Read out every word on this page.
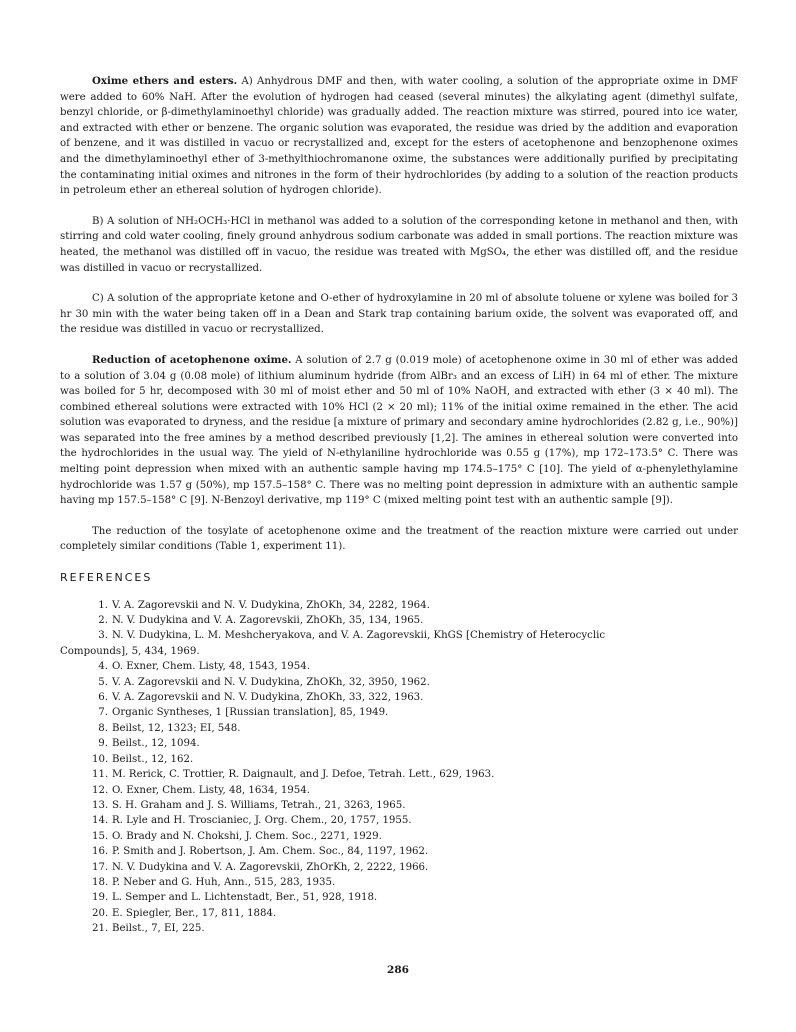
Oxime ethers and esters. A) Anhydrous DMF and then, with water cooling, a solution of the appropriate oxime in DMF were added to 60% NaH. After the evolution of hydrogen had ceased (several minutes) the alkylating agent (dimethyl sulfate, benzyl chloride, or β-dimethylaminoethyl chloride) was gradually added. The reaction mixture was stirred, poured into ice water, and extracted with ether or benzene. The organic solution was evaporated, the residue was dried by the addition and evaporation of benzene, and it was distilled in vacuo or recrystallized and, except for the esters of acetophenone and benzophenone oximes and the dimethylaminoethyl ether of 3-methylthiochromanone oxime, the substances were additionally purified by precipitating the contaminating initial oximes and nitrones in the form of their hydrochlorides (by adding to a solution of the reaction products in petroleum ether an ethereal solution of hydrogen chloride).

B) A solution of NH₂OCH₃·HCl in methanol was added to a solution of the corresponding ketone in methanol and then, with stirring and cold water cooling, finely ground anhydrous sodium carbonate was added in small portions. The reaction mixture was heated, the methanol was distilled off in vacuo, the residue was treated with MgSO₄, the ether was distilled off, and the residue was distilled in vacuo or recrystallized.

C) A solution of the appropriate ketone and O-ether of hydroxylamine in 20 ml of absolute toluene or xylene was boiled for 3 hr 30 min with the water being taken off in a Dean and Stark trap containing barium oxide, the solvent was evaporated off, and the residue was distilled in vacuo or recrystallized.

Reduction of acetophenone oxime. A solution of 2.7 g (0.019 mole) of acetophenone oxime in 30 ml of ether was added to a solution of 3.04 g (0.08 mole) of lithium aluminum hydride (from AlBr₃ and an excess of LiH) in 64 ml of ether. The mixture was boiled for 5 hr, decomposed with 30 ml of moist ether and 50 ml of 10% NaOH, and extracted with ether (3 × 40 ml). The combined ethereal solutions were extracted with 10% HCl (2 × 20 ml); 11% of the initial oxime remained in the ether. The acid solution was evaporated to dryness, and the residue [a mixture of primary and secondary amine hydrochlorides (2.82 g, i.e., 90%)] was separated into the free amines by a method described previously [1,2]. The amines in ethereal solution were converted into the hydrochlorides in the usual way. The yield of N-ethylaniline hydrochloride was 0.55 g (17%), mp 172–173.5° C. There was melting point depression when mixed with an authentic sample having mp 174.5–175° C [10]. The yield of α-phenylethylamine hydrochloride was 1.57 g (50%), mp 157.5–158° C. There was no melting point depression in admixture with an authentic sample having mp 157.5–158° C [9]. N-Benzoyl derivative, mp 119° C (mixed melting point test with an authentic sample [9]).

The reduction of the tosylate of acetophenone oxime and the treatment of the reaction mixture were carried out under completely similar conditions (Table 1, experiment 11).

REFERENCES
1. V. A. Zagorevskii and N. V. Dudykina, ZhOKh, 34, 2282, 1964.
2. N. V. Dudykina and V. A. Zagorevskii, ZhOKh, 35, 134, 1965.
3. N. V. Dudykina, L. M. Meshcheryakova, and V. A. Zagorevskii, KhGS [Chemistry of Heterocyclic
Compounds], 5, 434, 1969.
4. O. Exner, Chem. Listy, 48, 1543, 1954.
5. V. A. Zagorevskii and N. V. Dudykina, ZhOKh, 32, 3950, 1962.
6. V. A. Zagorevskii and N. V. Dudykina, ZhOKh, 33, 322, 1963.
7. Organic Syntheses, 1 [Russian translation], 85, 1949.
8. Beilst, 12, 1323; EI, 548.
9. Beilst., 12, 1094.
10. Beilst., 12, 162.
11. M. Rerick, C. Trottier, R. Daignault, and J. Defoe, Tetrah. Lett., 629, 1963.
12. O. Exner, Chem. Listy, 48, 1634, 1954.
13. S. H. Graham and J. S. Williams, Tetrah., 21, 3263, 1965.
14. R. Lyle and H. Troscianiec, J. Org. Chem., 20, 1757, 1955.
15. O. Brady and N. Chokshi, J. Chem. Soc., 2271, 1929.
16. P. Smith and J. Robertson, J. Am. Chem. Soc., 84, 1197, 1962.
17. N. V. Dudykina and V. A. Zagorevskii, ZhOrKh, 2, 2222, 1966.
18. P. Neber and G. Huh, Ann., 515, 283, 1935.
19. L. Semper and L. Lichtenstadt, Ber., 51, 928, 1918.
20. E. Spiegler, Ber., 17, 811, 1884.
21. Beilst., 7, EI, 225.
286
